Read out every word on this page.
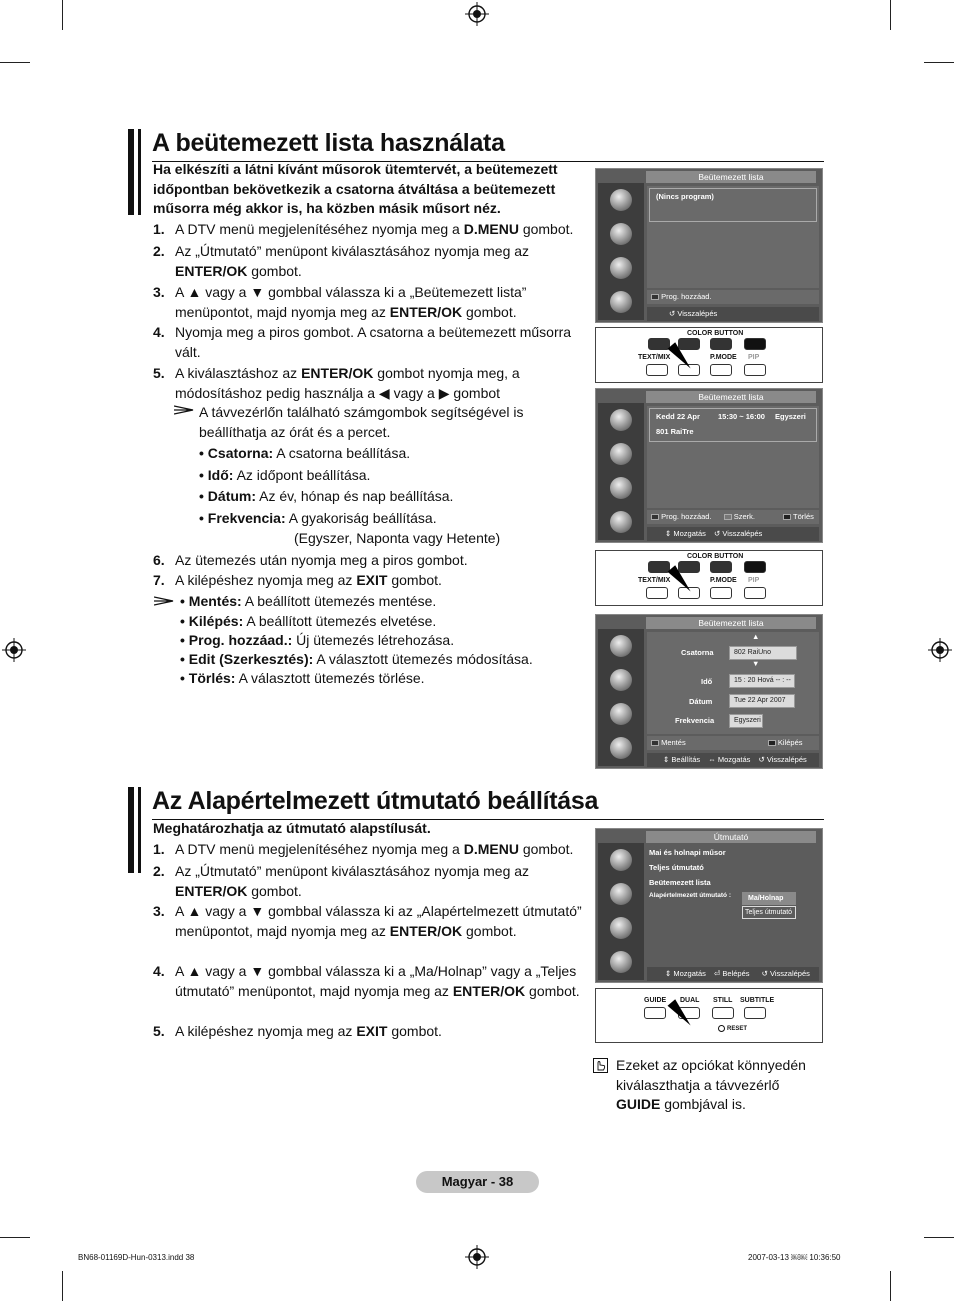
A beütemezett lista használata
Ha elkészíti a látni kívánt műsorok ütemtervét, a beütemezett időpontban bekövetkezik a csatorna átváltása a beütemezett műsorra még akkor is, ha közben másik műsort néz.
1. A DTV menü megjelenítéséhez nyomja meg a D.MENU gombot.
2. Az „Útmutató” menüpont kiválasztásához nyomja meg az ENTER/OK gombot.
3. A ▲ vagy a ▼ gombbal válassza ki a „Beütemezett lista” menüpontot, majd nyomja meg az ENTER/OK gombot.
4. Nyomja meg a piros gombot. A csatorna a beütemezett műsorra vált.
5. A kiválasztáshoz az ENTER/OK gombot nyomja meg, a módosításhoz pedig használja a ◀ vagy a ▶ gombot
A távvezérlőn található számgombok segítségével is beállíthatja az órát és a percet.
• Csatorna: A csatorna beállítása.
• Idő: Az időpont beállítása.
• Dátum: Az év, hónap és nap beállítása.
• Frekvencia: A gyakoriság beállítása.
(Egyszer, Naponta vagy Hetente)
6. Az ütemezés után nyomja meg a piros gombot.
7. A kilépéshez nyomja meg az EXIT gombot.
• Mentés: A beállított ütemezés mentése.
• Kilépés: A beállított ütemezés elvetése.
• Prog. hozzáad.: Új ütemezés létrehozása.
• Edit (Szerkesztés): A választott ütemezés módosítása.
• Törlés: A választott ütemezés törlése.
Beütemezett lista
(Nincs program)
Prog. hozzáad.
↺ Visszalépés
COLOR BUTTON
TEXT/MIX	P.MODE PIP
Beütemezett lista
Kedd 22 Apr 15:30 ~ 16:00 Egyszeri
801 RaiTre
Prog. hozzáad.	Szerk.	Törlés
⇕ Mozgatás ↺ Visszalépés
COLOR BUTTON
TEXT/MIX	P.MODE PIP
Beütemezett lista
▲
Csatorna	802 RaiUno
▼
Idő	15 : 20 Hová -- : --
Dátum	Tue 22 Apr 2007
Frekvencia	Egyszeri
Mentés	Kilépés
⇕ Beállítás ⇔ Mozgatás ↺ Visszalépés
Az Alapértelmezett útmutató beállítása
Meghatározhatja az útmutató alapstílusát.
1. A DTV menü megjelenítéséhez nyomja meg a D.MENU gombot.
2. Az „Útmutató” menüpont kiválasztásához nyomja meg az ENTER/OK gombot.
3. A ▲ vagy a ▼ gombbal válassza ki az „Alapértelmezett útmutató” menüpontot, majd nyomja meg az ENTER/OK gombot.
4. A ▲ vagy a ▼ gombbal válassza ki a „Ma/Holnap” vagy a „Teljes útmutató” menüpontot, majd nyomja meg az ENTER/OK gombot.
5. A kilépéshez nyomja meg az EXIT gombot.
Útmutató
Mai és holnapi műsor
Teljes útmutató
Beütemezett lista
Alapértelmezett útmutató :	Ma/Holnap
Teljes útmutató
⇕ Mozgatás ⏎ Belépés ↺ Visszalépés
GUIDE DUAL STILL SUBTITLE
RESET
Ezeket az opciókat könnyedén kiválaszthatja a távvezérlő GUIDE gombjával is.
Magyar - 38
BN68-01169D-Hun-0313.indd 38	2007-03-13 ￼￼ 10:36:50
